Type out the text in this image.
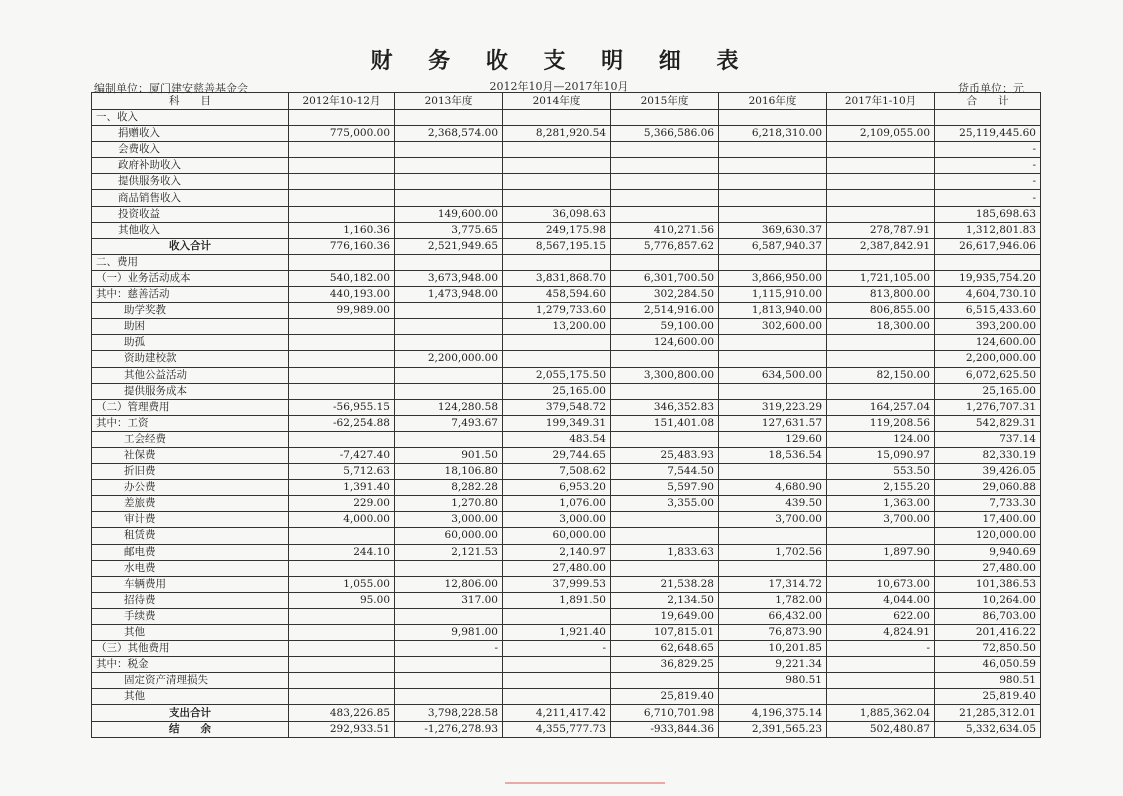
财 务 收 支 明 细 表
编制单位：厦门建安慈善基金会	2012年10月—2017年10月	货币单位：元
科　　目	2012年10-12月	2013年度	2014年度	2015年度	2016年度	2017年1-10月	合　　计
一、收入							
捐赠收入	775,000.00	2,368,574.00	8,281,920.54	5,366,586.06	6,218,310.00	2,109,055.00	25,119,445.60
会费收入							-
政府补助收入							-
提供服务收入							-
商品销售收入							-
投资收益		149,600.00	36,098.63				185,698.63
其他收入	1,160.36	3,775.65	249,175.98	410,271.56	369,630.37	278,787.91	1,312,801.83
收入合计	776,160.36	2,521,949.65	8,567,195.15	5,776,857.62	6,587,940.37	2,387,842.91	26,617,946.06
二、费用							
（一）业务活动成本	540,182.00	3,673,948.00	3,831,868.70	6,301,700.50	3,866,950.00	1,721,105.00	19,935,754.20
其中：慈善活动	440,193.00	1,473,948.00	458,594.60	302,284.50	1,115,910.00	813,800.00	4,604,730.10
助学奖教	99,989.00		1,279,733.60	2,514,916.00	1,813,940.00	806,855.00	6,515,433.60
助困			13,200.00	59,100.00	302,600.00	18,300.00	393,200.00
助孤				124,600.00			124,600.00
资助建校款		2,200,000.00					2,200,000.00
其他公益活动			2,055,175.50	3,300,800.00	634,500.00	82,150.00	6,072,625.50
提供服务成本			25,165.00				25,165.00
（二）管理费用	-56,955.15	124,280.58	379,548.72	346,352.83	319,223.29	164,257.04	1,276,707.31
其中：工资	-62,254.88	7,493.67	199,349.31	151,401.08	127,631.57	119,208.56	542,829.31
工会经费			483.54		129.60	124.00	737.14
社保费	-7,427.40	901.50	29,744.65	25,483.93	18,536.54	15,090.97	82,330.19
折旧费	5,712.63	18,106.80	7,508.62	7,544.50		553.50	39,426.05
办公费	1,391.40	8,282.28	6,953.20	5,597.90	4,680.90	2,155.20	29,060.88
差旅费	229.00	1,270.80	1,076.00	3,355.00	439.50	1,363.00	7,733.30
审计费	4,000.00	3,000.00	3,000.00		3,700.00	3,700.00	17,400.00
租赁费		60,000.00	60,000.00				120,000.00
邮电费	244.10	2,121.53	2,140.97	1,833.63	1,702.56	1,897.90	9,940.69
水电费			27,480.00				27,480.00
车辆费用	1,055.00	12,806.00	37,999.53	21,538.28	17,314.72	10,673.00	101,386.53
招待费	95.00	317.00	1,891.50	2,134.50	1,782.00	4,044.00	10,264.00
手续费				19,649.00	66,432.00	622.00	86,703.00
其他		9,981.00	1,921.40	107,815.01	76,873.90	4,824.91	201,416.22
（三）其他费用		-	-	62,648.65	10,201.85	-	72,850.50
其中：税金				36,829.25	9,221.34		46,050.59
固定资产清理损失					980.51		980.51
其他				25,819.40			25,819.40
支出合计	483,226.85	3,798,228.58	4,211,417.42	6,710,701.98	4,196,375.14	1,885,362.04	21,285,312.01
结　　余	292,933.51	-1,276,278.93	4,355,777.73	-933,844.36	2,391,565.23	502,480.87	5,332,634.05
